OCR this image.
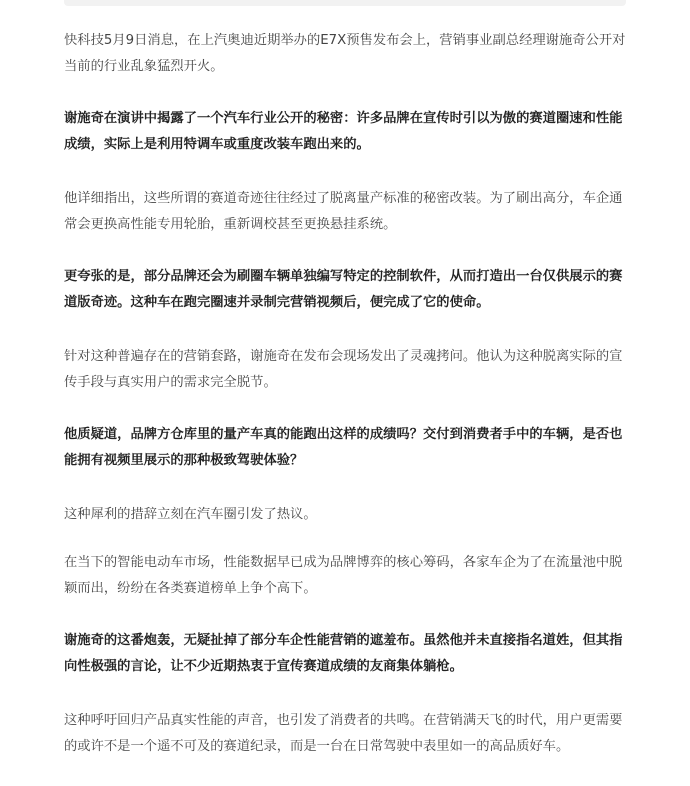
快科技5月9日消息，在上汽奥迪近期举办的E7X预售发布会上，营销事业副总经理谢施奇公开对当前的行业乱象猛烈开火。

谢施奇在演讲中揭露了一个汽车行业公开的秘密：许多品牌在宣传时引以为傲的赛道圈速和性能成绩，实际上是利用特调车或重度改装车跑出来的。

他详细指出，这些所谓的赛道奇迹往往经过了脱离量产标准的秘密改装。为了刷出高分，车企通常会更换高性能专用轮胎，重新调校甚至更换悬挂系统。

更夸张的是，部分品牌还会为刷圈车辆单独编写特定的控制软件，从而打造出一台仅供展示的赛道版奇迹。这种车在跑完圈速并录制完营销视频后，便完成了它的使命。

针对这种普遍存在的营销套路，谢施奇在发布会现场发出了灵魂拷问。他认为这种脱离实际的宣传手段与真实用户的需求完全脱节。

他质疑道，品牌方仓库里的量产车真的能跑出这样的成绩吗？交付到消费者手中的车辆，是否也能拥有视频里展示的那种极致驾驶体验？

这种犀利的措辞立刻在汽车圈引发了热议。

在当下的智能电动车市场，性能数据早已成为品牌博弈的核心筹码，各家车企为了在流量池中脱颖而出，纷纷在各类赛道榜单上争个高下。

谢施奇的这番炮轰，无疑扯掉了部分车企性能营销的遮羞布。虽然他并未直接指名道姓，但其指向性极强的言论，让不少近期热衷于宣传赛道成绩的友商集体躺枪。

这种呼吁回归产品真实性能的声音，也引发了消费者的共鸣。在营销满天飞的时代，用户更需要的或许不是一个遥不可及的赛道纪录，而是一台在日常驾驶中表里如一的高品质好车。
